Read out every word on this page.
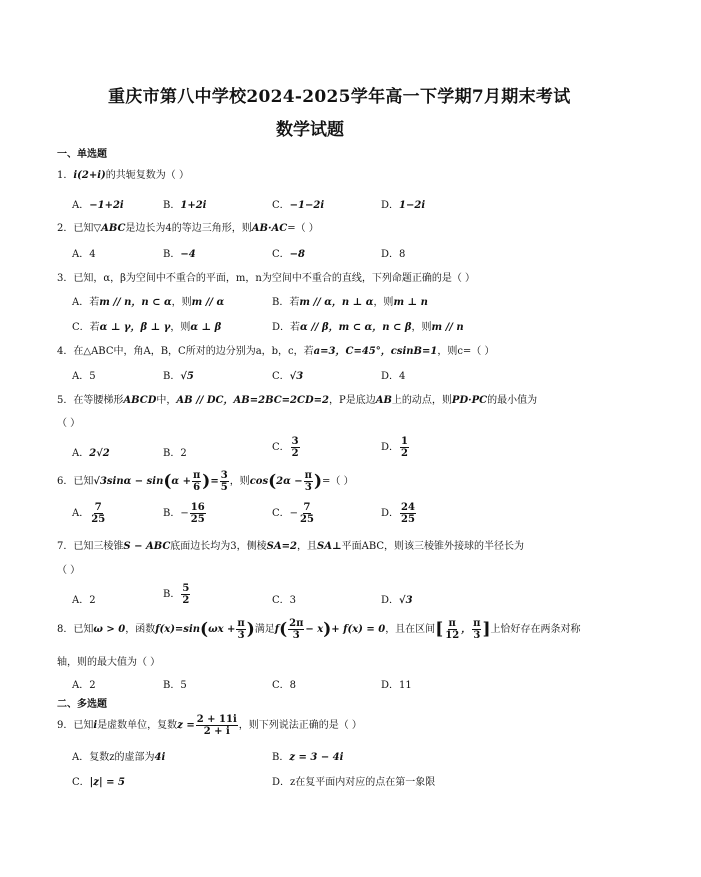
重庆市第八中学校2024-2025学年高一下学期7月期末考试
数学试题
一、单选题
1．i(2+i)的共轭复数为（ ）
A．−1+2i	B．1+2i	C．−1−2i	D．1−2i
2．已知▽ABC是边长为4的等边三角形，则AB·AC=（ ）
A．4	B．−4	C．−8	D．8
3．已知，α，β为空间中不重合的平面，m，n为空间中不重合的直线，下列命题正确的是（ ）
A．若m // n，n ⊂ α，则m // α	B．若m // α，n ⊥ α，则m ⊥ n
C．若α ⊥ γ，β ⊥ γ，则α ⊥ β	D．若α // β，m ⊂ α，n ⊂ β，则m // n
4．在△ABC中，角A，B，C所对的边分别为a，b，c，若a=3，C=45°，csinB=1，则c=（ ）
A．5	B．√5	C．√3	D．4
5．在等腰梯形ABCD中，AB // DC，AB=2BC=2CD=2，P是底边AB上的动点，则PD·PC的最小值为
（ ）
A．2√2	B．2
C． $\frac{3}{2}$	D． $\frac{1}{2}$
6．已知$√3\sin\alpha - \sin(\alpha + \frac{\pi}{6}$ )= $\frac{3}{5}$ ，则$\cos(2\alpha - \frac{\pi}{3}$ )=（ ）
A． $\frac{7}{25}$	B．− $\frac{16}{25}$	C．− $\frac{7}{25}$	D． $\frac{24}{25}$
7．已知三棱锥S − ABC底面边长均为3，侧棱SA=2，且SA⊥平面ABC，则该三棱锥外接球的半径长为
（ ）
A．2
B． $\frac{5}{2}$	C．3	D．√3
8．已知ω > 0，函数$f(x)=\sin(\omega x + \frac{\pi}{3}$ )满足$f( \frac{2\pi}{3} - x)+ f(x) = 0$，且在区间[ $\frac{\pi}{12}$ ， $\frac{\pi}{3}$ ]上恰好存在两条对称
轴，则的最大值为（ ）
A．2	B．5	C．8	D．11
二、多选题
9．已知i是虚数单位，复数$z = \frac{2 + 11i}{2 + i}$ ，则下列说法正确的是（ ）
A．复数z的虚部为4i	B．z = 3 − 4i
C．|z| = 5	D．z在复平面内对应的点在第一象限
